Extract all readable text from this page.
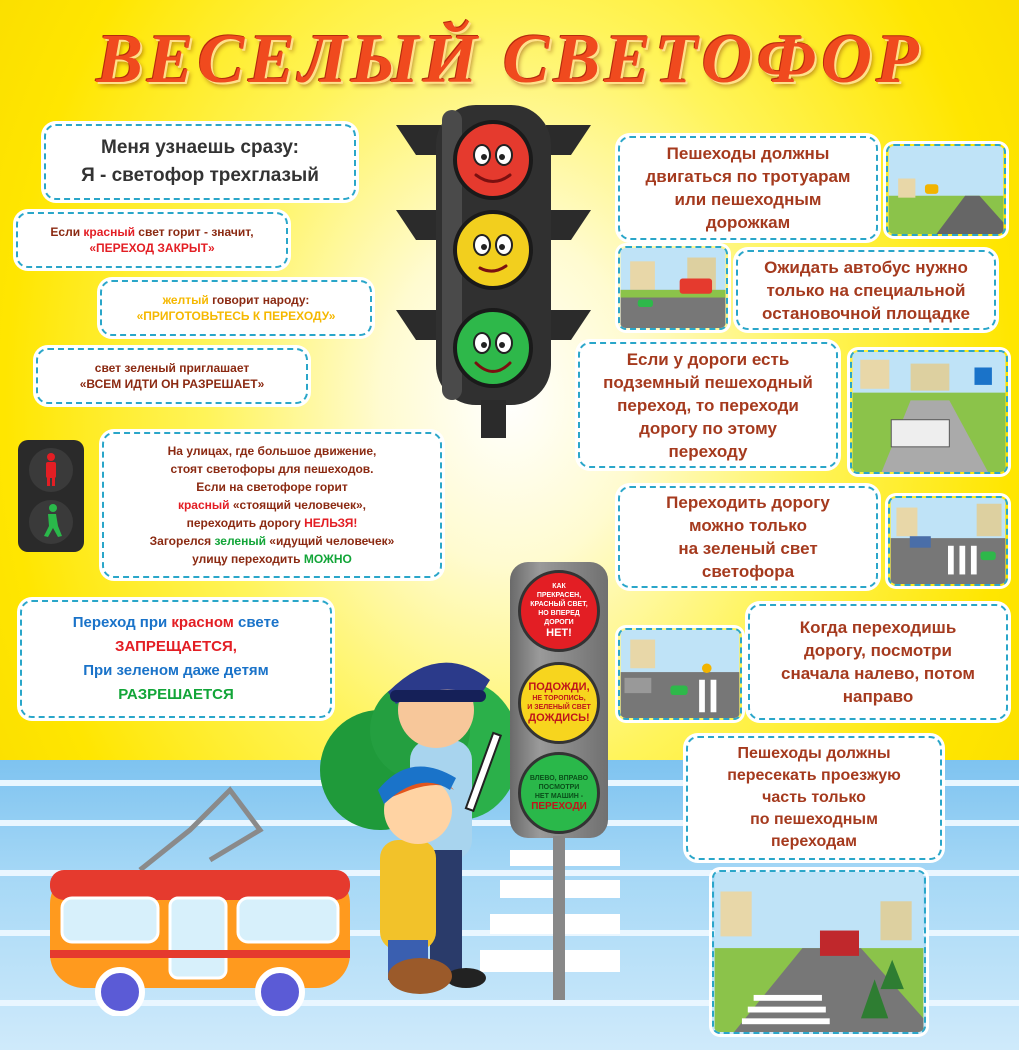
ВЕСЕЛЫЙ СВЕТОФОР
Меня узнаешь сразу:
Я - светофор трехглазый
Если красный свет горит - значит,
«ПЕРЕХОД ЗАКРЫТ»
желтый говорит народу:
«ПРИГОТОВЬТЕСЬ К ПЕРЕХОДУ»
свет зеленый приглашает
«ВСЕМ ИДТИ ОН РАЗРЕШАЕТ»
На улицах, где большое движение,
стоят светофоры для пешеходов.
Если на светофоре горит
красный «стоящий человечек»,
переходить дорогу НЕЛЬЗЯ!
Загорелся зеленый «идущий человечек»
улицу переходить МОЖНО
Переход при красном свете
ЗАПРЕЩАЕТСЯ,
При зеленом даже детям
РАЗРЕШАЕТСЯ
Пешеходы должны
двигаться по тротуарам
или пешеходным
дорожкам
Ожидать автобус нужно
только на специальной
остановочной площадке
Если у дороги есть
подземный пешеходный
переход, то переходи
дорогу по этому
переходу
Переходить дорогу
можно только
на зеленый свет
светофора
Когда переходишь
дорогу, посмотри
сначала налево, потом
направо
Пешеходы должны
пересекать проезжую
часть только
по пешеходным
переходам
КАК
ПРЕКРАСЕН,
КРАСНЫЙ СВЕТ,
НО ВПЕРЕД
ДОРОГИ
НЕТ!
ПОДОЖДИ,
НЕ ТОРОПИСЬ,
И ЗЕЛЕНЫЙ СВЕТ
ДОЖДИСЬ!
ВЛЕВО, ВПРАВО
ПОСМОТРИ
НЕТ МАШИН -
ПЕРЕХОДИ
